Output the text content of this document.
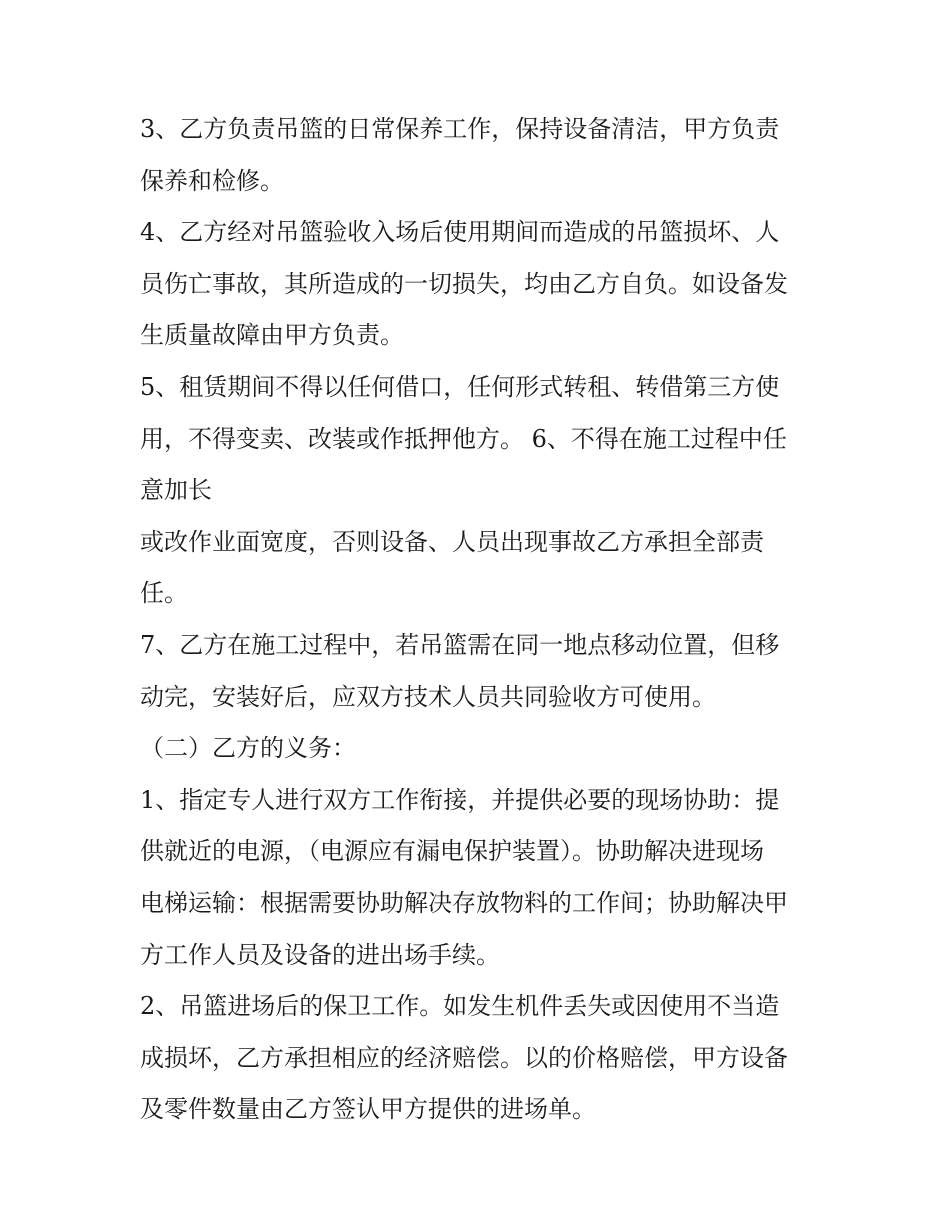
3、乙方负责吊篮的日常保养工作，保持设备清洁，甲方负责
保养和检修。
4、乙方经对吊篮验收入场后使用期间而造成的吊篮损坏、人
员伤亡事故，其所造成的一切损失，均由乙方自负。如设备发
生质量故障由甲方负责。
5、租赁期间不得以任何借口，任何形式转租、转借第三方使
用，不得变卖、改装或作抵押他方。 6、不得在施工过程中任
意加长
或改作业面宽度，否则设备、人员出现事故乙方承担全部责
任。
7、乙方在施工过程中，若吊篮需在同一地点移动位置，但移
动完，安装好后，应双方技术人员共同验收方可使用。
（二）乙方的义务：
1、指定专人进行双方工作衔接，并提供必要的现场协助：提
供就近的电源，（电源应有漏电保护装置）。协助解决进现场
电梯运输：根据需要协助解决存放物料的工作间；协助解决甲
方工作人员及设备的进出场手续。
2、吊篮进场后的保卫工作。如发生机件丢失或因使用不当造
成损坏，乙方承担相应的经济赔偿。以的价格赔偿，甲方设备
及零件数量由乙方签认甲方提供的进场单。
